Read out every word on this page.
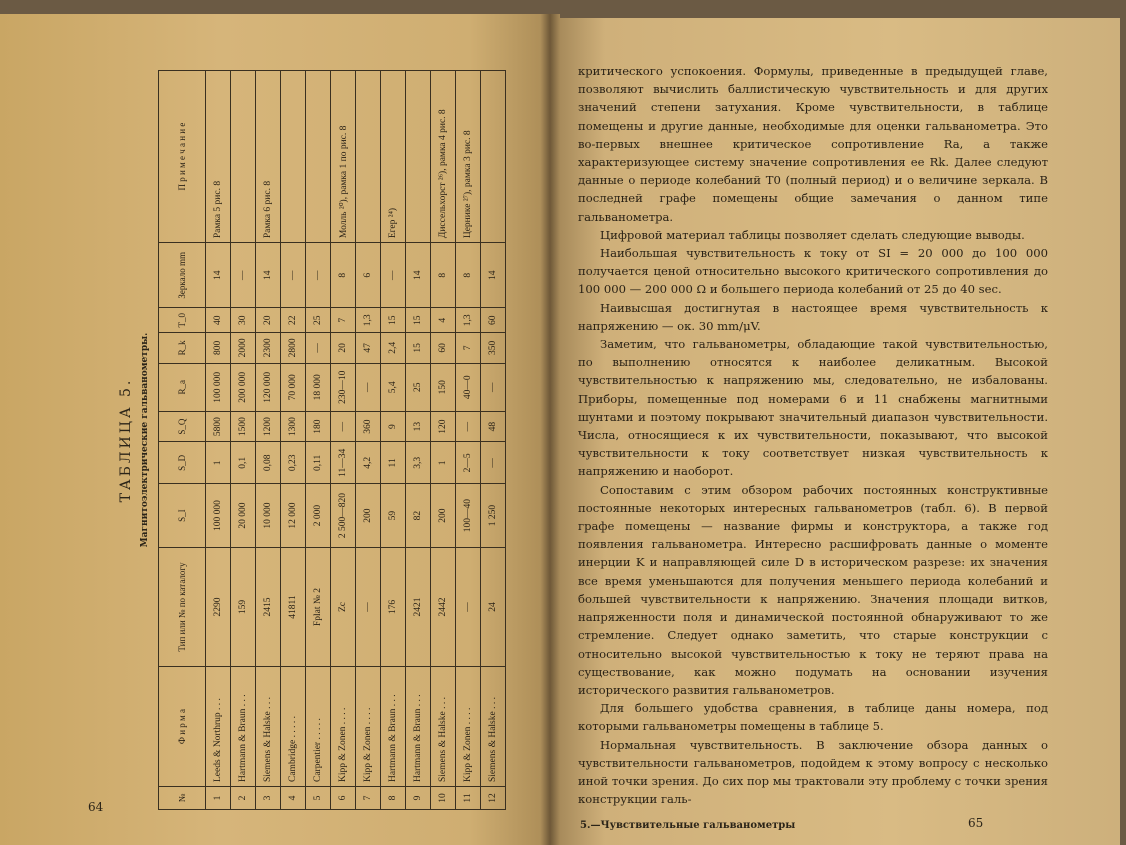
ТАБЛИЦА 5. Магнитоэлектрические гальванометры.
№	Ф и р м а	Тип или № по каталогу	S_I	S_D	S_Q	R_a	R_k	T_0	Зеркало mm	П р и м е ч а н и е
1	Leeds & Northrup . . .	2290	100 000	1	5800	100 000	800	40	14	Рамка 5 рис. 8
2	Hartmann & Braun . . .	159	20 000	0,1	1500	200 000	2000	30	—	
3	Siemens & Halske . . .	2415	10 000	0,08	1200	120 000	2300	20	14	Рамка 6 рис. 8
4	Cambridge . . . . .	41811	12 000	0,23	1300	70 000	2800	22	—	
5	Carpentier . . . . .	Fplat № 2	2 000	0,11	180	18 000	—	25	—	
6	Kipp & Zonen . . . .	Zc	2 500—820	11—34	—	230—10	20	7	8	Молль ²⁰), рамка 1 по рис. 8
7	Kipp & Zonen . . . .	—	200	4,2	360	—	47	1,3	6	
8	Hartmann & Braun . . .	176	59	11	9	5,4	2,4	15	—	Егер ²⁴)
9	Hartmann & Braun . . .	2421	82	3,3	13	25	15	15	14	
10	Siemens & Halske . . .	2442	200	1	120	150	60	4	8	Диссельхорст ²⁶), рамка 4 рис. 8
11	Kipp & Zonen . . . .	—	100—40	2—5	—	40—0	7	1,3	8	Цернике ²⁷), рамка 3 рис. 8
12	Siemens & Halske . . .	24	1 250	—	48	—	350	60	14	
64

критического успокоения. Формулы, приведенные в предыдущей главе, позволяют вычислить баллистическую чувствительность и для других значений степени затухания. Кроме чувствительности, в таблице помещены и другие данные, необходимые для оценки гальванометра. Это во-первых внешнее критическое сопротивление Ra, а также характеризующее систему значение сопротивления ее Rk. Далее следуют данные о периоде колебаний T0 (полный период) и о величине зеркала. В последней графе помещены общие замечания о данном типе гальванометра.

Цифровой материал таблицы позволяет сделать следующие выводы.

Наибольшая чувствительность к току от SI = 20 000 до 100 000 получается ценой относительно высокого критического сопротивления до 100 000 — 200 000 Ω и большего периода колебаний от 25 до 40 sec.

Наивысшая достигнутая в настоящее время чувствительность к напряжению — ок. 30 mm/μV.

Заметим, что гальванометры, обладающие такой чувствительностью, по выполнению относятся к наиболее деликатным. Высокой чувствительностью к напряжению мы, следовательно, не избалованы. Приборы, помещенные под номерами 6 и 11 снабжены магнитными шунтами и поэтому покрывают значительный диапазон чувствительности. Числа, относящиеся к их чувствительности, показывают, что высокой чувствительности к току соответствует низкая чувствительность к напряжению и наоборот.

Сопоставим с этим обзором рабочих постоянных конструктивные постоянные некоторых интересных гальванометров (табл. 6). В первой графе помещены — название фирмы и конструктора, а также год появления гальванометра. Интересно расшифровать данные о моменте инерции K и направляющей силе D в историческом разрезе: их значения все время уменьшаются для получения меньшего периода колебаний и большей чувствительности к напряжению. Значения площади витков, напряженности поля и динамической постоянной обнаруживают то же стремление. Следует однако заметить, что старые конструкции с относительно высокой чувствительностью к току не теряют права на существование, как можно подумать на основании изучения исторического развития гальванометров.

Для большего удобства сравнения, в таблице даны номера, под которыми гальванометры помещены в таблице 5.

Нормальная чувствительность. В заключение обзора данных о чувствительности гальванометров, подойдем к этому вопросу с несколько иной точки зрения. До сих пор мы трактовали эту проблему с точки зрения конструкции галь-

5.—Чувствительные гальванометры	65
